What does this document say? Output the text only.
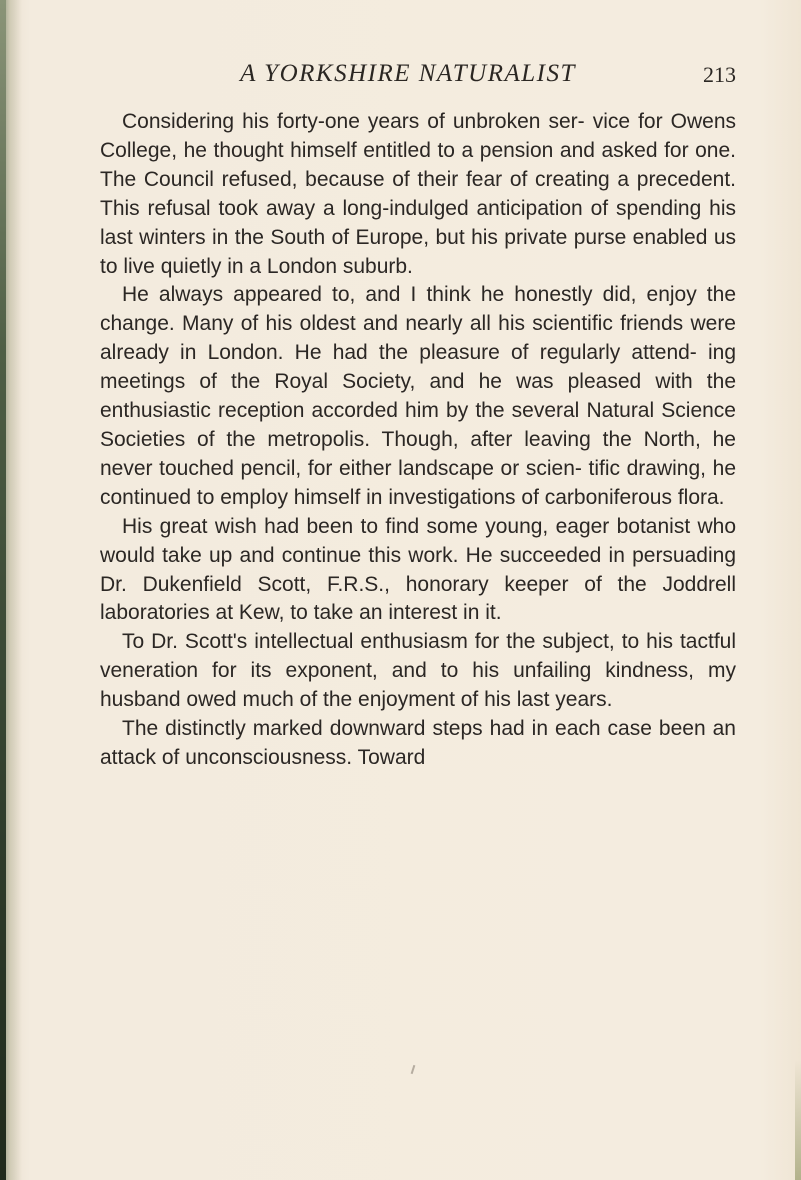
A YORKSHIRE NATURALIST	213

Considering his forty-one years of unbroken ser- vice for Owens College, he thought himself entitled to a pension and asked for one. The Council refused, because of their fear of creating a precedent. This refusal took away a long-indulged anticipation of spending his last winters in the South of Europe, but his private purse enabled us to live quietly in a London suburb.

He always appeared to, and I think he honestly did, enjoy the change. Many of his oldest and nearly all his scientific friends were already in London. He had the pleasure of regularly attend- ing meetings of the Royal Society, and he was pleased with the enthusiastic reception accorded him by the several Natural Science Societies of the metropolis. Though, after leaving the North, he never touched pencil, for either landscape or scien- tific drawing, he continued to employ himself in investigations of carboniferous flora.

His great wish had been to find some young, eager botanist who would take up and continue this work. He succeeded in persuading Dr. Dukenfield Scott, F.R.S., honorary keeper of the Joddrell laboratories at Kew, to take an interest in it.

To Dr. Scott's intellectual enthusiasm for the subject, to his tactful veneration for its exponent, and to his unfailing kindness, my husband owed much of the enjoyment of his last years.

The distinctly marked downward steps had in each case been an attack of unconsciousness. Toward
